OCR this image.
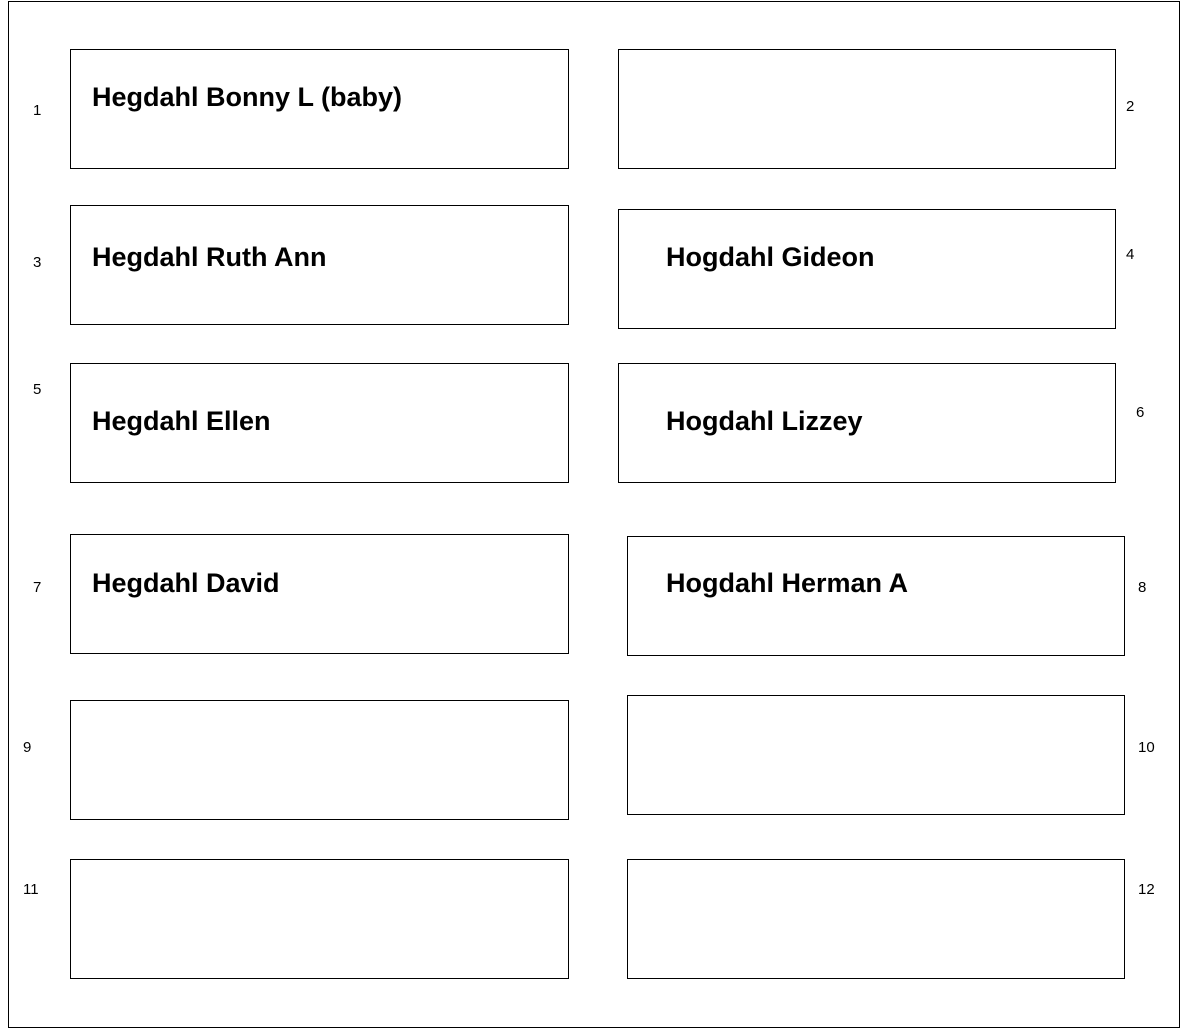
1 Hegdahl Bonny L (baby)	2
3 Hegdahl Ruth Ann	Hogdahl Gideon	4
5
Hegdahl Ellen	Hogdahl Lizzey	6
7 Hegdahl David	Hogdahl Herman A	8
9	10
11	12
